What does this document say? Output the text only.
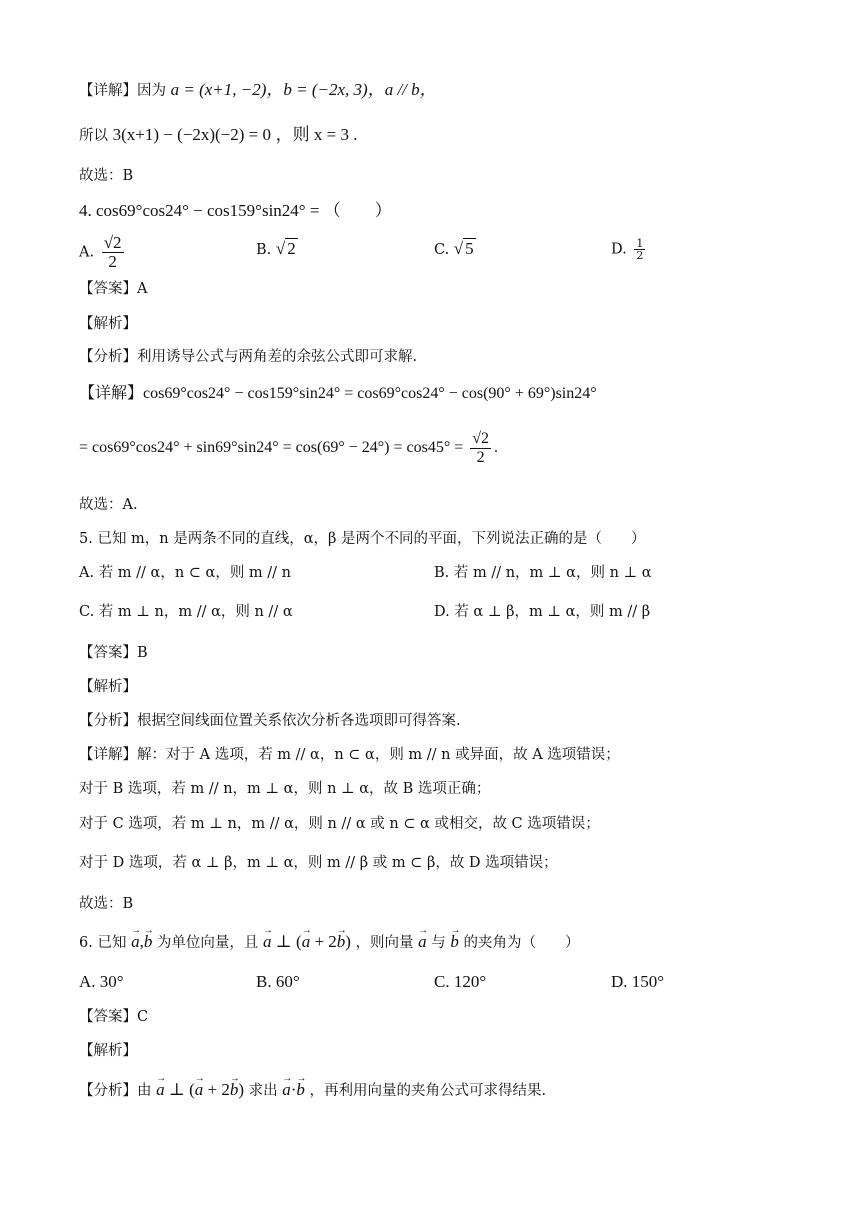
【详解】因为 a = (x+1, −2)，b = (−2x, 3)，a // b，
所以 3(x+1) − (−2x)(−2) = 0 ，则 x = 3 .
故选：B
4. cos69°cos24° − cos159°sin24° = （　　）
A. $\frac{√2}{2}$	B. √ 2	C. √ 5	D. $\frac{1}{2}$
【答案】A
【解析】
【分析】利用诱导公式与两角差的余弦公式即可求解.
【详解】cos69°cos24° − cos159°sin24° = cos69°cos24° − cos(90° + 69°)sin24°
= $\cos 69^\circ\cos 24^\circ + \sin 69^\circ\sin 24^\circ = \cos(69^\circ - 24^\circ) = \cos 45^\circ = \frac{√2}{2}$ .
故选：A.
5. 已知 m，n 是两条不同的直线，α，β 是两个不同的平面，下列说法正确的是（　　）
A. 若 m // α，n ⊂ α，则 m // n	B. 若 m // n，m ⊥ α，则 n ⊥ α
C. 若 m ⊥ n，m // α，则 n // α	D. 若 α ⊥ β，m ⊥ α，则 m // β
【答案】B
【解析】
【分析】根据空间线面位置关系依次分析各选项即可得答案.
【详解】解：对于 A 选项，若 m // α，n ⊂ α，则 m // n 或异面，故 A 选项错误；
对于 B 选项，若 m // n，m ⊥ α，则 n ⊥ α，故 B 选项正确；
对于 C 选项，若 m ⊥ n，m // α，则 n // α 或 n ⊂ α 或相交，故 C 选项错误；
对于 D 选项，若 α ⊥ β，m ⊥ α，则 m // β 或 m ⊂ β，故 D 选项错误；
故选：B
6. 已知 → a,→ b 为单位向量，且 → a ⊥ (→ a + 2→ b) ，则向量 → a 与 → b 的夹角为（　　）
A. 30°	B. 60°	C. 120°	D. 150°
【答案】C
【解析】
【分析】由 → a ⊥ (→ a + 2→ b) 求出 → a·→ b ，再利用向量的夹角公式可求得结果.
